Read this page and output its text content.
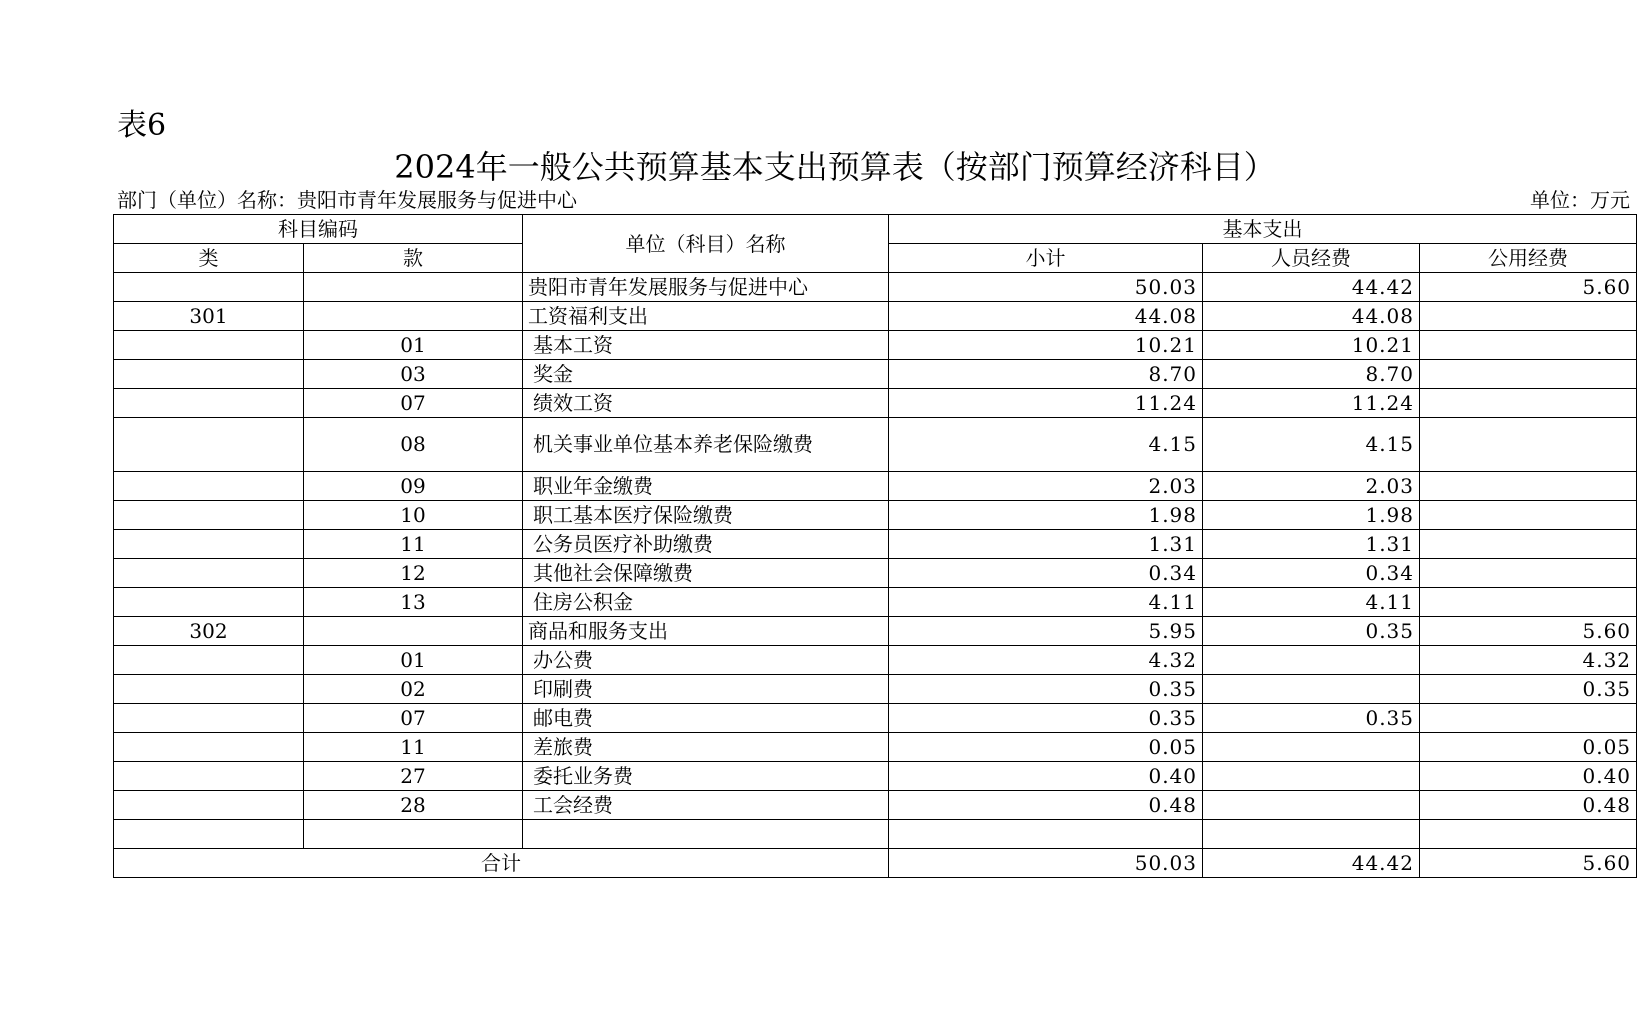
表6
2024年一般公共预算基本支出预算表（按部门预算经济科目）
部门（单位）名称：贵阳市青年发展服务与促进中心	单位：万元
科目编码		单位（科目）名称	基本支出		
类	款		小计	人员经费	公用经费
		贵阳市青年发展服务与促进中心	50.03	44.42	5.60
301		工资福利支出	44.08	44.08	
	01	基本工资	10.21	10.21	
	03	奖金	8.70	8.70	
	07	绩效工资	11.24	11.24	
	08	机关事业单位基本养老保险缴费	4.15	4.15	
	09	职业年金缴费	2.03	2.03	
	10	职工基本医疗保险缴费	1.98	1.98	
	11	公务员医疗补助缴费	1.31	1.31	
	12	其他社会保障缴费	0.34	0.34	
	13	住房公积金	4.11	4.11	
302		商品和服务支出	5.95	0.35	5.60
	01	办公费	4.32		4.32
	02	印刷费	0.35		0.35
	07	邮电费	0.35	0.35	
	11	差旅费	0.05		0.05
	27	委托业务费	0.40		0.40
	28	工会经费	0.48		0.48

合计			50.03	44.42	5.60
